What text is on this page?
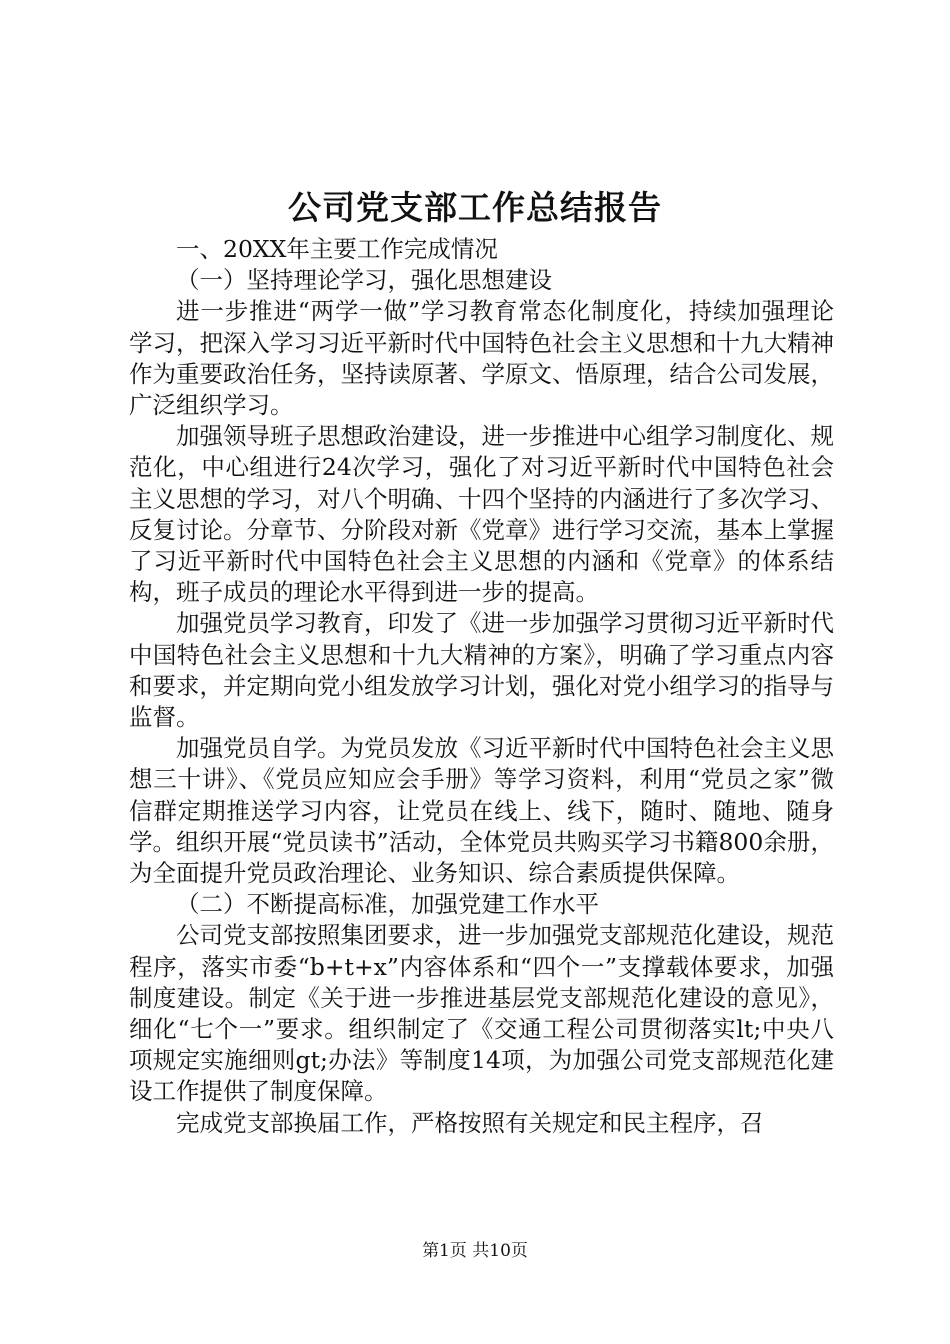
公司党支部工作总结报告

一、20XX年主要工作完成情况

（一）坚持理论学习，强化思想建设

进一步推进“两学一做”学习教育常态化制度化，持续加强理论学习，把深入学习习近平新时代中国特色社会主义思想和十九大精神作为重要政治任务，坚持读原著、学原文、悟原理，结合公司发展，广泛组织学习。

加强领导班子思想政治建设，进一步推进中心组学习制度化、规范化，中心组进行24次学习，强化了对习近平新时代中国特色社会主义思想的学习，对八个明确、十四个坚持的内涵进行了多次学习、反复讨论。分章节、分阶段对新《党章》进行学习交流，基本上掌握了习近平新时代中国特色社会主义思想的内涵和《党章》的体系结构，班子成员的理论水平得到进一步的提高。

加强党员学习教育，印发了《进一步加强学习贯彻习近平新时代中国特色社会主义思想和十九大精神的方案》，明确了学习重点内容和要求，并定期向党小组发放学习计划，强化对党小组学习的指导与监督。

加强党员自学。为党员发放《习近平新时代中国特色社会主义思想三十讲》、《党员应知应会手册》等学习资料，利用“党员之家”微信群定期推送学习内容，让党员在线上、线下，随时、随地、随身学。组织开展“党员读书”活动，全体党员共购买学习书籍800余册，为全面提升党员政治理论、业务知识、综合素质提供保障。

（二）不断提高标准，加强党建工作水平

公司党支部按照集团要求，进一步加强党支部规范化建设，规范程序，落实市委“b+t+x”内容体系和“四个一”支撑载体要求，加强制度建设。制定《关于进一步推进基层党支部规范化建设的意见》，细化“七个一”要求。组织制定了《交通工程公司贯彻落实lt;中央八项规定实施细则gt;办法》等制度14项，为加强公司党支部规范化建设工作提供了制度保障。

完成党支部换届工作，严格按照有关规定和民主程序，召

第1页 共10页
